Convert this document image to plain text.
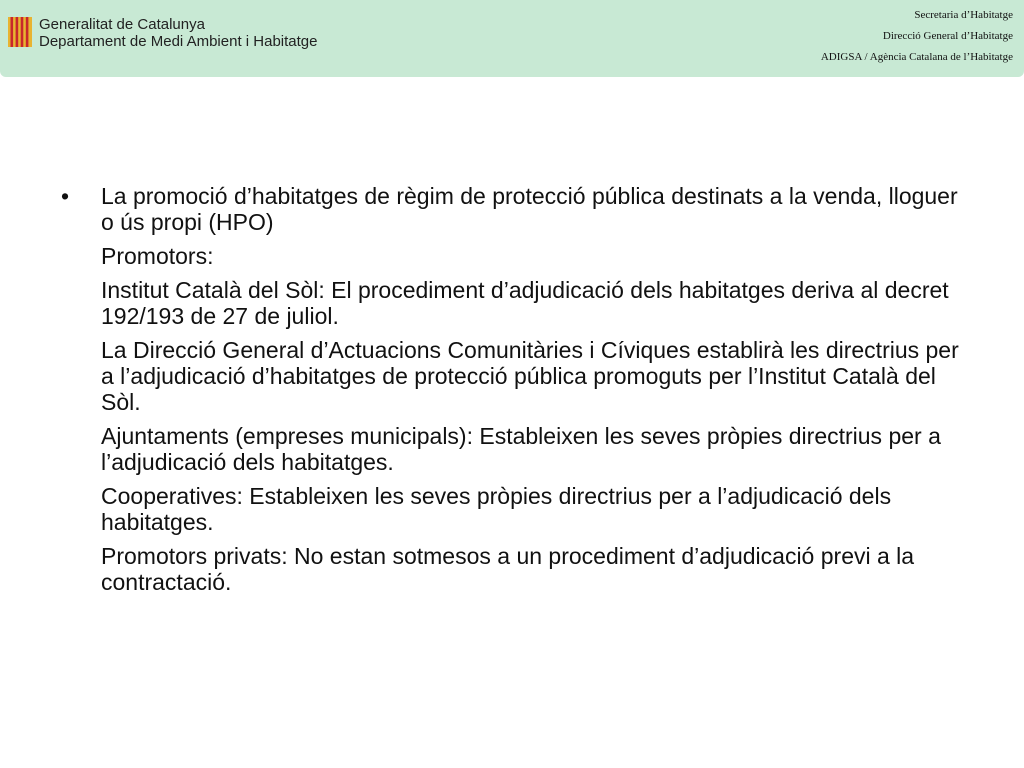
Generalitat de Catalunya
Departament de Medi Ambient i Habitatge
Secretaria d’Habitatge
Direcció General d’Habitatge
ADIGSA / Agència Catalana de l’Habitatge

• La promoció d’habitatges de règim de protecció pública destinats a la venda, lloguer o ús propi (HPO)

Promotors:

Institut Català del Sòl: El procediment d’adjudicació dels habitatges deriva al decret 192/193 de 27 de juliol.

La Direcció General d’Actuacions Comunitàries i Cíviques establirà les directrius per a l’adjudicació d’habitatges de protecció pública promoguts per l’Institut Català del Sòl.

Ajuntaments (empreses municipals): Estableixen les seves pròpies directrius per a l’adjudicació dels habitatges.

Cooperatives: Estableixen les seves pròpies directrius per a l’adjudicació dels habitatges.

Promotors privats: No estan sotmesos a un procediment d’adjudicació previ a la contractació.
